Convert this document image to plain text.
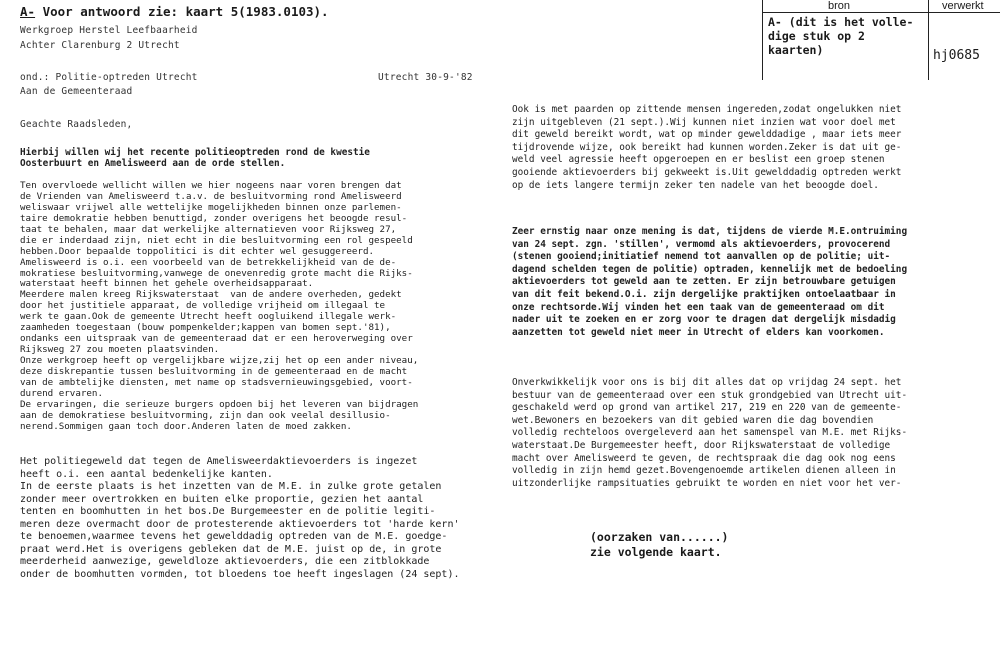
A- Voor antwoord zie: kaart 5(1983.0103).
Werkgroep Herstel Leefbaarheid
Achter Clarenburg 2 Utrecht
ond.: Politie-optreden Utrecht
Aan de Gemeenteraad
Utrecht 30-9-'82
Geachte Raadsleden,
bron	verwerkt
A- (dit is het volle-
dige stuk op 2
kaarten)	hj0685
Hierbij willen wij het recente politieoptreden rond de kwestie
Oosterbuurt en Amelisweerd aan de orde stellen.
Ten overvloede wellicht willen we hier nogeens naar voren brengen dat
de Vrienden van Amelisweerd t.a.v. de besluitvorming rond Amelisweerd
weliswaar vrijwel alle wettelijke mogelijkheden binnen onze parlemen-
taire demokratie hebben benuttigd, zonder overigens het beoogde resul-
taat te behalen, maar dat werkelijke alternatieven voor Rijksweg 27,
die er inderdaad zijn, niet echt in die besluitvorming een rol gespeeld
hebben.Door bepaalde toppolitici is dit echter wel gesuggereerd.
Amelisweerd is o.i. een voorbeeld van de betrekkelijkheid van de de-
mokratiese besluitvorming,vanwege de onevenredig grote macht die Rijks-
waterstaat heeft binnen het gehele overheidsapparaat.
Meerdere malen kreeg Rijkswaterstaat  van de andere overheden, gedekt
door het justitiele apparaat, de volledige vrijheid om illegaal te
werk te gaan.Ook de gemeente Utrecht heeft oogluikend illegale werk-
zaamheden toegestaan (bouw pompenkelder;kappen van bomen sept.'81),
ondanks een uitspraak van de gemeenteraad dat er een heroverweging over
Rijksweg 27 zou moeten plaatsvinden.
Onze werkgroep heeft op vergelijkbare wijze,zij het op een ander niveau,
deze diskrepantie tussen besluitvorming in de gemeenteraad en de macht
van de ambtelijke diensten, met name op stadsvernieuwingsgebied, voort-
durend ervaren.
De ervaringen, die serieuze burgers opdoen bij het leveren van bijdragen
aan de demokratiese besluitvorming, zijn dan ook veelal desillusio-
nerend.Sommigen gaan toch door.Anderen laten de moed zakken.
Het politiegeweld dat tegen de Amelisweerdaktievoerders is ingezet
heeft o.i. een aantal bedenkelijke kanten.
In de eerste plaats is het inzetten van de M.E. in zulke grote getalen
zonder meer overtrokken en buiten elke proportie, gezien het aantal
tenten en boomhutten in het bos.De Burgemeester en de politie legiti-
meren deze overmacht door de protesterende aktievoerders tot 'harde kern'
te benoemen,waarmee tevens het gewelddadig optreden van de M.E. goedge-
praat werd.Het is overigens gebleken dat de M.E. juist op de, in grote
meerderheid aanwezige, geweldloze aktievoerders, die een zitblokkade
onder de boomhutten vormden, tot bloedens toe heeft ingeslagen (24 sept).
Ook is met paarden op zittende mensen ingereden,zodat ongelukken niet
zijn uitgebleven (21 sept.).Wij kunnen niet inzien wat voor doel met
dit geweld bereikt wordt, wat op minder gewelddadige , maar iets meer
tijdrovende wijze, ook bereikt had kunnen worden.Zeker is dat uit ge-
weld veel agressie heeft opgeroepen en er beslist een groep stenen
gooiende aktievoerders bij gekweekt is.Uit gewelddadig optreden werkt
op de iets langere termijn zeker ten nadele van het beoogde doel.
Zeer ernstig naar onze mening is dat, tijdens de vierde M.E.ontruiming
van 24 sept. zgn. 'stillen', vermomd als aktievoerders, provocerend
(stenen gooiend;initiatief nemend tot aanvallen op de politie; uit-
dagend schelden tegen de politie) optraden, kennelijk met de bedoeling
aktievoerders tot geweld aan te zetten. Er zijn betrouwbare getuigen
van dit feit bekend.O.i. zijn dergelijke praktijken ontoelaatbaar in
onze rechtsorde.Wij vinden het een taak van de gemeenteraad om dit
nader uit te zoeken en er zorg voor te dragen dat dergelijk misdadig
aanzetten tot geweld niet meer in Utrecht of elders kan voorkomen.
Onverkwikkelijk voor ons is bij dit alles dat op vrijdag 24 sept. het
bestuur van de gemeenteraad over een stuk grondgebied van Utrecht uit-
geschakeld werd op grond van artikel 217, 219 en 220 van de gemeente-
wet.Bewoners en bezoekers van dit gebied waren die dag bovendien
volledig rechteloos overgeleverd aan het samenspel van M.E. met Rijks-
waterstaat.De Burgemeester heeft, door Rijkswaterstaat de volledige
macht over Amelisweerd te geven, de rechtspraak die dag ook nog eens
volledig in zijn hemd gezet.Bovengenoemde artikelen dienen alleen in
uitzonderlijke rampsituaties gebruikt te worden en niet voor het ver-
(oorzaken van......)
zie volgende kaart.
